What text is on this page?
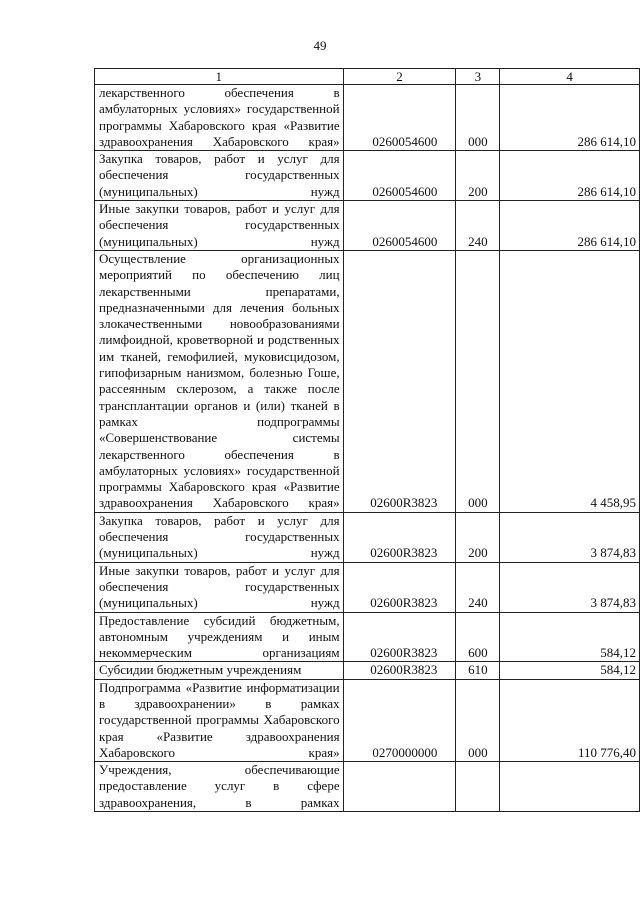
49
1	2	3	4
лекарственного обеспечения в амбулаторных условиях» государственной программы Хабаровского края «Развитие здравоохранения Хабаровского края»	0260054600	000	286 614,10
Закупка товаров, работ и услуг для обеспечения государственных (муниципальных) нужд	0260054600	200	286 614,10
Иные закупки товаров, работ и услуг для обеспечения государственных (муниципальных) нужд	0260054600	240	286 614,10
Осуществление организационных мероприятий по обеспечению лиц лекарственными препаратами, предназначенными для лечения больных злокачественными новообразованиями лимфоидной, кроветворной и родственных им тканей, гемофилией, муковисцидозом, гипофизарным нанизмом, болезнью Гоше, рассеянным склерозом, а также после трансплантации органов и (или) тканей в рамках подпрограммы «Совершенствование системы лекарственного обеспечения в амбулаторных условиях» государственной программы Хабаровского края «Развитие здравоохранения Хабаровского края»	02600R3823	000	4 458,95
Закупка товаров, работ и услуг для обеспечения государственных (муниципальных) нужд	02600R3823	200	3 874,83
Иные закупки товаров, работ и услуг для обеспечения государственных (муниципальных) нужд	02600R3823	240	3 874,83
Предоставление субсидий бюджетным, автономным учреждениям и иным некоммерческим организациям	02600R3823	600	584,12
Субсидии бюджетным учреждениям	02600R3823	610	584,12
Подпрограмма «Развитие информатизации в здравоохранении» в рамках государственной программы Хабаровского края «Развитие здравоохранения Хабаровского края»	0270000000	000	110 776,40
Учреждения, обеспечивающие предоставление услуг в сфере здравоохранения, в рамках			
